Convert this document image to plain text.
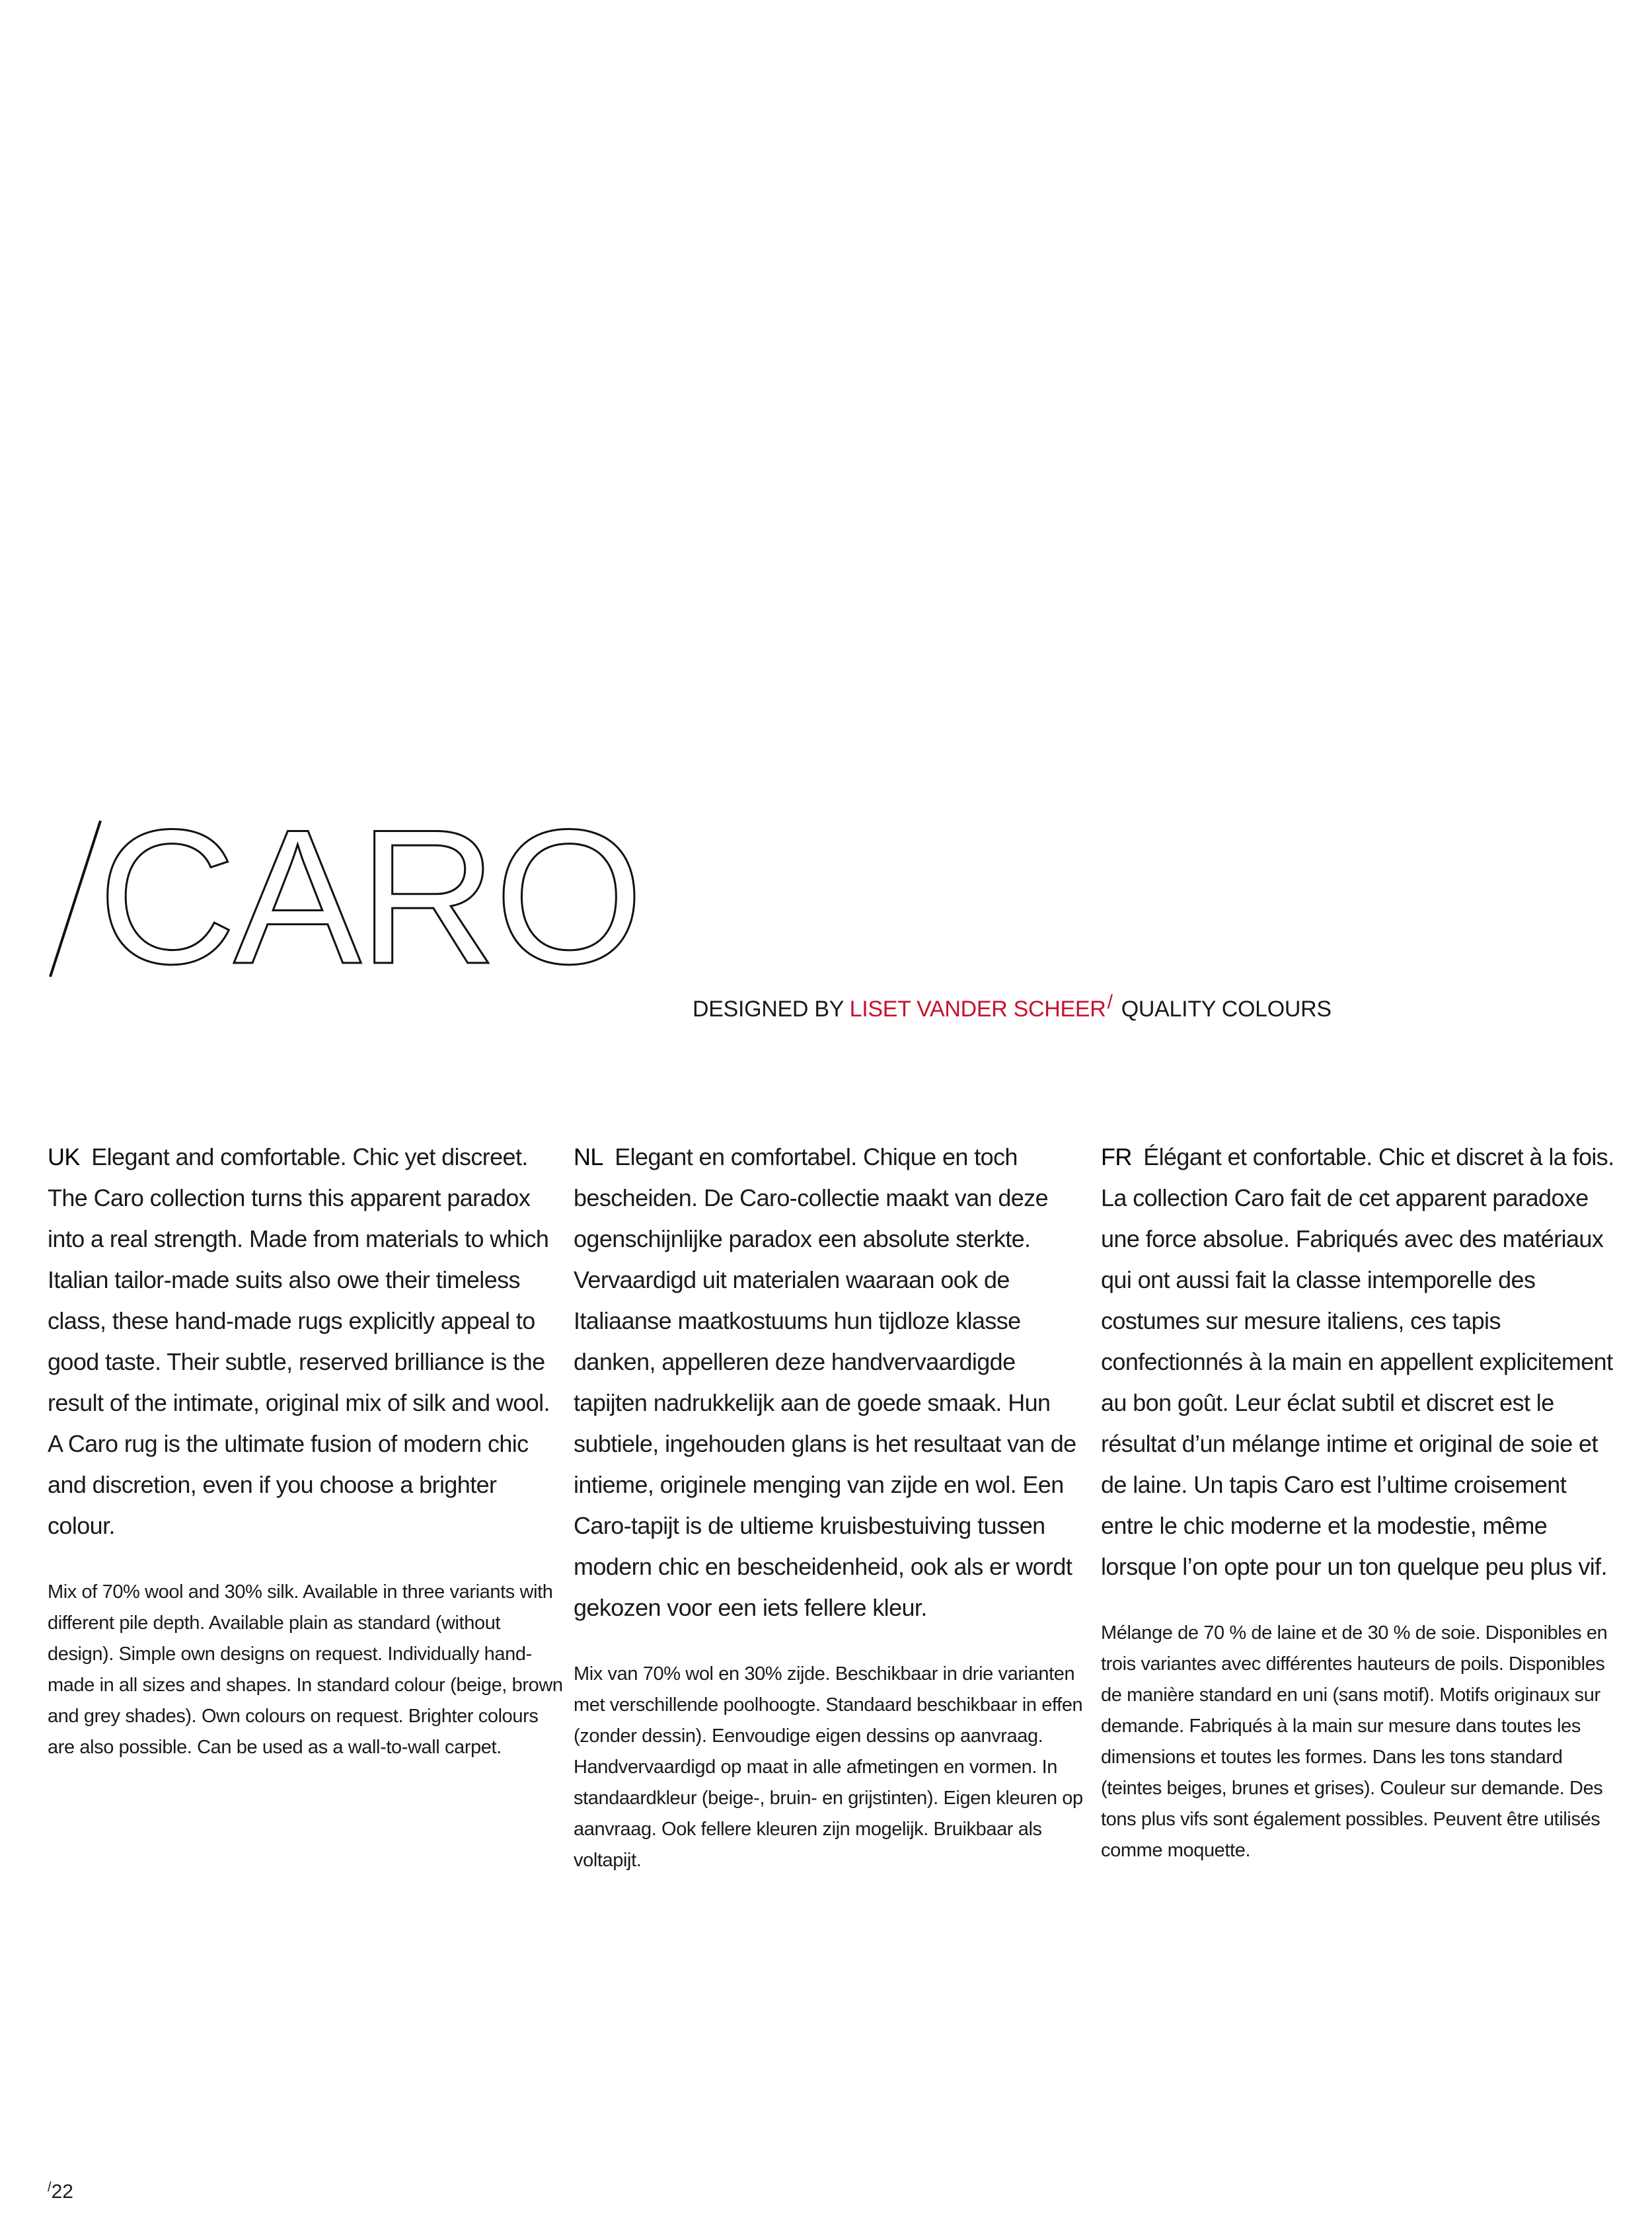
CARO
DESIGNED BY LISET VANDER SCHEER/ QUALITY COLOURS

UK Elegant and comfortable. Chic yet discreet. The Caro collection turns this apparent paradox into a real strength. Made from materials to which Italian tailor-made suits also owe their timeless class, these hand-made rugs explicitly appeal to good taste. Their subtle, reserved brilliance is the result of the intimate, original mix of silk and wool. A Caro rug is the ultimate fusion of modern chic and discretion, even if you choose a brighter colour.

Mix of 70% wool and 30% silk. Available in three variants with different pile depth. Available plain as standard (without design). Simple own designs on request. Individually hand-made in all sizes and shapes. In standard colour (beige, brown and grey shades). Own colours on request. Brighter colours are also possible. Can be used as a wall-to-wall carpet.

NL Elegant en comfortabel. Chique en toch bescheiden. De Caro-collectie maakt van deze ogenschijnlijke paradox een absolute sterkte. Vervaardigd uit materialen waaraan ook de Italiaanse maatkostuums hun tijdloze klasse danken, appelleren deze handvervaardigde tapijten nadrukkelijk aan de goede smaak. Hun subtiele, ingehouden glans is het resultaat van de intieme, originele menging van zijde en wol. Een Caro-tapijt is de ultieme kruisbestuiving tussen modern chic en bescheidenheid, ook als er wordt gekozen voor een iets fellere kleur.

Mix van 70% wol en 30% zijde. Beschikbaar in drie varianten met verschillende poolhoogte. Standaard beschikbaar in effen (zonder dessin). Eenvoudige eigen dessins op aanvraag. Handvervaardigd op maat in alle afmetingen en vormen. In standaardkleur (beige-, bruin- en grijstinten). Eigen kleuren op aanvraag. Ook fellere kleuren zijn mogelijk. Bruikbaar als voltapijt.

FR Élégant et confortable. Chic et discret à la fois. La collection Caro fait de cet apparent paradoxe une force absolue. Fabriqués avec des matériaux qui ont aussi fait la classe intemporelle des costumes sur mesure italiens, ces tapis confectionnés à la main en appellent explicitement au bon goût. Leur éclat subtil et discret est le résultat d’un mélange intime et original de soie et de laine. Un tapis Caro est l’ultime croisement entre le chic moderne et la modestie, même lorsque l’on opte pour un ton quelque peu plus vif.

Mélange de 70 % de laine et de 30 % de soie. Disponibles en trois variantes avec différentes hauteurs de poils. Disponibles de manière standard en uni (sans motif). Motifs originaux sur demande. Fabriqués à la main sur mesure dans toutes les dimensions et toutes les formes. Dans les tons standard (teintes beiges, brunes et grises). Couleur sur demande. Des tons plus vifs sont également possibles. Peuvent être utilisés comme moquette.

/22
